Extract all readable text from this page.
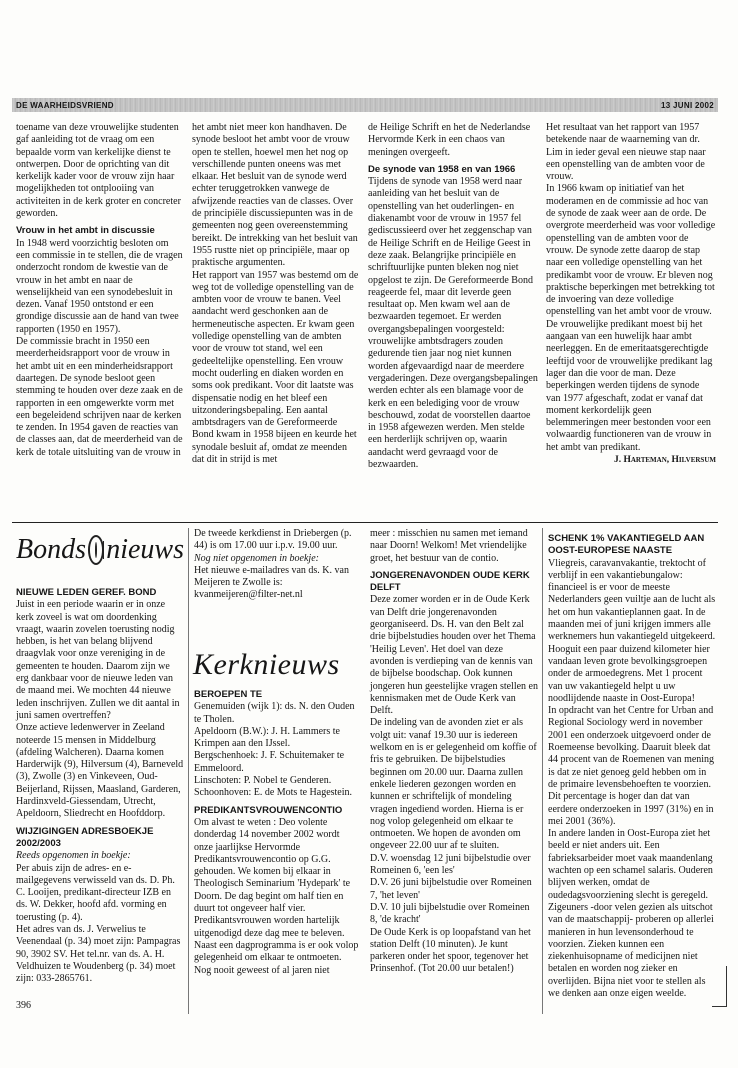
DE WAARHEIDSVRIEND	13 JUNI 2002

toename van deze vrouwelijke studenten gaf aanleiding tot de vraag om een bepaalde vorm van kerkelijke dienst te ontwerpen. Door de oprichting van dit kerkelijk kader voor de vrouw zijn haar mogelijkheden tot ontplooiing van activiteiten in de kerk groter en concreter geworden.

Vrouw in het ambt in discussie

In 1948 werd voorzichtig besloten om een commissie in te stellen, die de vragen onderzocht rondom de kwestie van de vrouw in het ambt en naar de wenselijkheid van een synodebesluit in dezen. Vanaf 1950 ontstond er een grondige discussie aan de hand van twee rapporten (1950 en 1957).

De commissie bracht in 1950 een meerderheidsrapport voor de vrouw in het ambt uit en een minderheidsrapport daartegen. De synode besloot geen stemming te houden over deze zaak en de rapporten in een omgewerkte vorm met een begeleidend schrijven naar de kerken te zenden. In 1954 gaven de reacties van de classes aan, dat de meerderheid van de kerk de totale uitsluiting van de vrouw in

het ambt niet meer kon handhaven. De synode besloot het ambt voor de vrouw open te stellen, hoewel men het nog op verschillende punten oneens was met elkaar. Het besluit van de synode werd echter teruggetrokken vanwege de afwijzende reacties van de classes. Over de principiële discussiepunten was in de gemeenten nog geen overeenstemming bereikt. De intrekking van het besluit van 1955 rustte niet op principiële, maar op praktische argumenten.

Het rapport van 1957 was bestemd om de weg tot de volledige openstelling van de ambten voor de vrouw te banen. Veel aandacht werd geschonken aan de hermeneutische aspecten. Er kwam geen volledige openstelling van de ambten voor de vrouw tot stand, wel een gedeeltelijke openstelling. Een vrouw mocht ouderling en diaken worden en soms ook predikant. Voor dit laatste was dispensatie nodig en het bleef een uitzonderingsbepaling. Een aantal ambtsdragers van de Gereformeerde Bond kwam in 1958 bijeen en keurde het synodale besluit af, omdat ze meenden dat dit in strijd is met

de Heilige Schrift en het de Nederlandse Hervormde Kerk in een chaos van meningen overgeeft.

De synode van 1958 en van 1966

Tijdens de synode van 1958 werd naar aanleiding van het besluit van de openstelling van het ouderlingen- en diakenambt voor de vrouw in 1957 fel gediscussieerd over het zeggenschap van de Heilige Schrift en de Heilige Geest in deze zaak. Belangrijke principiële en schriftuurlijke punten bleken nog niet opgelost te zijn. De Gereformeerde Bond reageerde fel, maar dit leverde geen resultaat op. Men kwam wel aan de bezwaarden tegemoet. Er werden overgangsbepalingen voorgesteld: vrouwelijke ambtsdragers zouden gedurende tien jaar nog niet kunnen worden afgevaardigd naar de meerdere vergaderingen. Deze overgangsbepalingen werden echter als een blamage voor de kerk en een belediging voor de vrouw beschouwd, zodat de voorstellen daartoe in 1958 afgewezen werden. Men stelde een herderlijk schrijven op, waarin aandacht werd gevraagd voor de bezwaarden.

Het resultaat van het rapport van 1957 betekende naar de waarneming van dr. Lim in ieder geval een nieuwe stap naar een openstelling van de ambten voor de vrouw.

In 1966 kwam op initiatief van het moderamen en de commissie ad hoc van de synode de zaak weer aan de orde. De overgrote meerderheid was voor volledige openstelling van de ambten voor de vrouw. De synode zette daarop de stap naar een volledige openstelling van het predikambt voor de vrouw. Er bleven nog praktische beperkingen met betrekking tot de invoering van deze volledige openstelling van het ambt voor de vrouw. De vrouwelijke predikant moest bij het aangaan van een huwelijk haar ambt neerleggen. En de emeritaatsgerechtigde leeftijd voor de vrouwelijke predikant lag lager dan die voor de man. Deze beperkingen werden tijdens de synode van 1977 afgeschaft, zodat er vanaf dat moment kerkordelijk geen belemmeringen meer bestonden voor een volwaardig functioneren van de vrouw in het ambt van predikant.

J. Harteman, Hilversum

Bonds nieuws

NIEUWE LEDEN GEREF. BOND

Juist in een periode waarin er in onze kerk zoveel is wat om doordenking vraagt, waarin zovelen toerusting nodig hebben, is het van belang blijvend draagvlak voor onze vereniging in de gemeenten te houden. Daarom zijn we erg dankbaar voor de nieuwe leden van de maand mei. We mochten 44 nieuwe leden inschrijven. Zullen we dit aantal in juni samen overtreffen?

Onze actieve ledenwerver in Zeeland noteerde 15 mensen in Middelburg (afdeling Walcheren). Daarna komen Harderwijk (9), Hilversum (4), Barneveld (3), Zwolle (3) en Vinkeveen, Oud-Beijerland, Rijssen, Maasland, Garderen, Hardinxveld-Giessendam, Utrecht, Apeldoorn, Sliedrecht en Hoofddorp.

WIJZIGINGEN ADRESBOEKJE 2002/2003

Reeds opgenomen in boekje:

Per abuis zijn de adres- en e-mailgegevens verwisseld van ds. D. Ph. C. Looijen, predikant-directeur IZB en ds. W. Dekker, hoofd afd. vorming en toerusting (p. 4).

Het adres van ds. J. Verwelius te Veenendaal (p. 34) moet zijn: Pampagras 90, 3902 SV. Het tel.nr. van ds. A. H. Veldhuizen te Woudenberg (p. 34) moet zijn: 033-2865761.

396

De tweede kerkdienst in Driebergen (p. 44) is om 17.00 uur i.p.v. 19.00 uur.

Nog niet opgenomen in boekje:

Het nieuwe e-mailadres van ds. K. van Meijeren te Zwolle is: kvanmeijeren@filter-net.nl

Kerknieuws

BEROEPEN TE

Genemuiden (wijk 1): ds. N. den Ouden te Tholen.

Apeldoorn (B.W.): J. H. Lammers te Krimpen aan den IJssel.

Bergschenhoek: J. F. Schuitemaker te Emmeloord.

Linschoten: P. Nobel te Genderen.

Schoonhoven: E. de Mots te Hagestein.

PREDIKANTSVROUWENCONTIO

Om alvast te weten : Deo volente donderdag 14 november 2002 wordt onze jaarlijkse Hervormde Predikantsvrouwencontio op G.G. gehouden. We komen bij elkaar in Theologisch Seminarium 'Hydepark' te Doorn. De dag begint om half tien en duurt tot ongeveer half vier. Predikantsvrouwen worden hartelijk uitgenodigd deze dag mee te beleven. Naast een dagprogramma is er ook volop gelegenheid om elkaar te ontmoeten. Nog nooit geweest of al jaren niet

meer : misschien nu samen met iemand naar Doorn! Welkom! Met vriendelijke groet, het bestuur van de contio.

JONGERENAVONDEN OUDE KERK DELFT

Deze zomer worden er in de Oude Kerk van Delft drie jongerenavonden georganiseerd. Ds. H. van den Belt zal drie bijbelstudies houden over het Thema 'Heilig Leven'. Het doel van deze avonden is verdieping van de kennis van de bijbelse boodschap. Ook kunnen jongeren hun geestelijke vragen stellen en kennismaken met de Oude Kerk van Delft.

De indeling van de avonden ziet er als volgt uit: vanaf 19.30 uur is iedereen welkom en is er gelegenheid om koffie of fris te gebruiken. De bijbelstudies beginnen om 20.00 uur. Daarna zullen enkele liederen gezongen worden en kunnen er schriftelijk of mondeling vragen ingediend worden. Hierna is er nog volop gelegenheid om elkaar te ontmoeten. We hopen de avonden om ongeveer 22.00 uur af te sluiten.

D.V. woensdag 12 juni bijbelstudie over Romeinen 6, 'een les'

D.V. 26 juni bijbelstudie over Romeinen 7, 'het leven'

D.V. 10 juli bijbelstudie over Romeinen 8, 'de kracht'

De Oude Kerk is op loopafstand van het station Delft (10 minuten). Je kunt parkeren onder het spoor, tegenover het Prinsenhof. (Tot 20.00 uur betalen!)

SCHENK 1% VAKANTIEGELD AAN OOST-EUROPESE NAASTE

Vliegreis, caravanvakantie, trektocht of verblijf in een vakantiebungalow: financieel is er voor de meeste Nederlanders geen vuiltje aan de lucht als het om hun vakantieplannen gaat. In de maanden mei of juni krijgen immers alle werknemers hun vakantiegeld uitgekeerd. Hooguit een paar duizend kilometer hier vandaan leven grote bevolkingsgroepen onder de armoedegrens. Met 1 procent van uw vakantiegeld helpt u uw noodlijdende naaste in Oost-Europa!

In opdracht van het Centre for Urban and Regional Sociology werd in november 2001 een onderzoek uitgevoerd onder de Roemeense bevolking. Daaruit bleek dat 44 procent van de Roemenen van mening is dat ze niet genoeg geld hebben om in de primaire levensbehoeften te voorzien. Dit percentage is hoger dan dat van eerdere onderzoeken in 1997 (31%) en in mei 2001 (36%).

In andere landen in Oost-Europa ziet het beeld er niet anders uit. Een fabrieksarbeider moet vaak maandenlang wachten op een schamel salaris. Ouderen blijven werken, omdat de oudedagsvoorziening slecht is geregeld. Zigeuners -door velen gezien als uitschot van de maatschappij- proberen op allerlei manieren in hun levensonderhoud te voorzien. Zieken kunnen een ziekenhuisopname of medicijnen niet betalen en worden nog zieker en overlijden. Bijna niet voor te stellen als we denken aan onze eigen weelde.
